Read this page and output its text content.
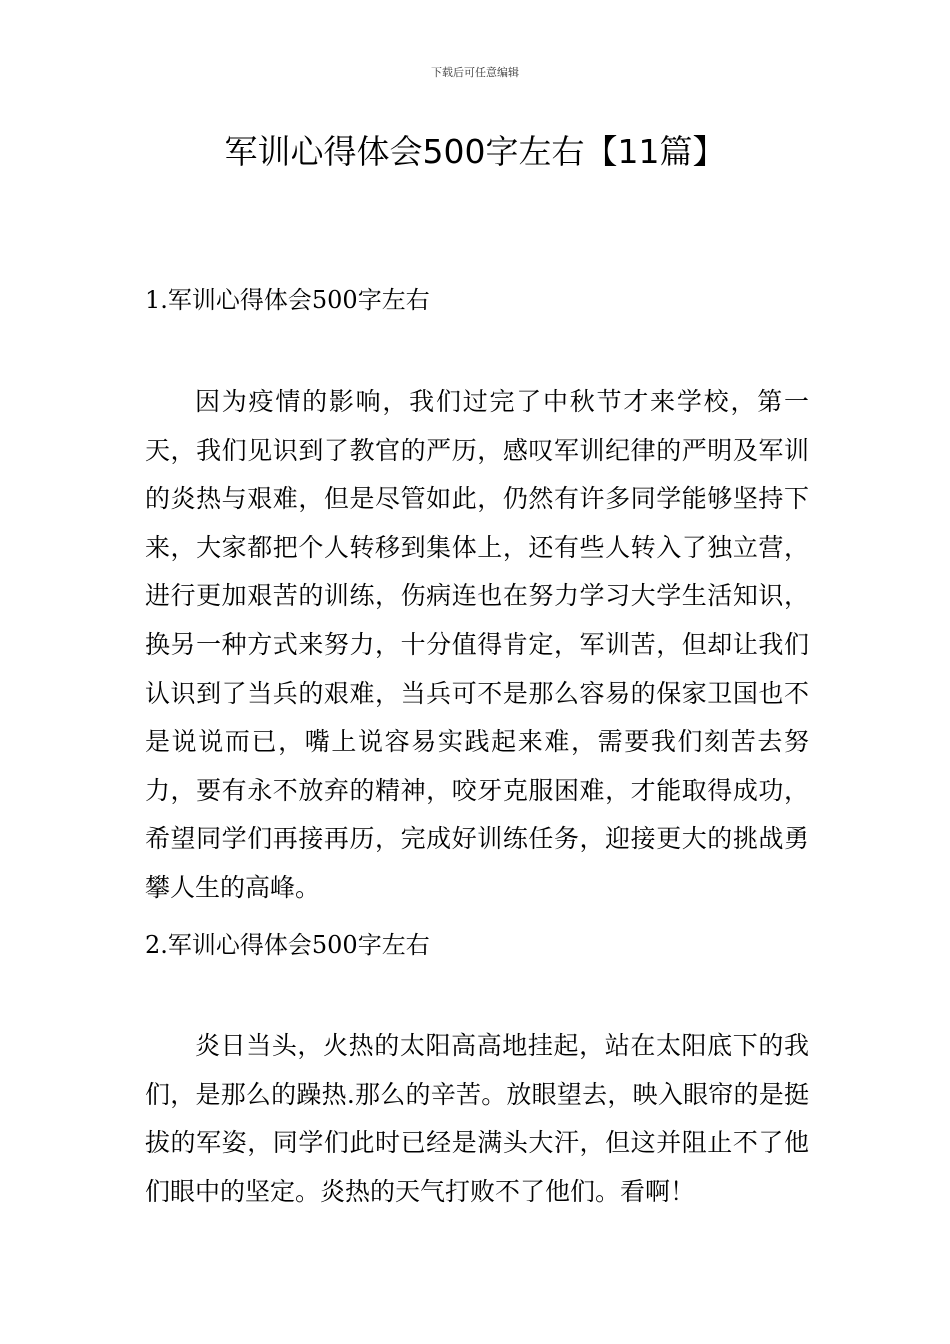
下载后可任意编辑
军训心得体会500字左右【11篇】
1.军训心得体会500字左右

因为疫情的影响，我们过完了中秋节才来学校，第一天，我们见识到了教官的严历，感叹军训纪律的严明及军训的炎热与艰难，但是尽管如此，仍然有许多同学能够坚持下来，大家都把个人转移到集体上，还有些人转入了独立营，进行更加艰苦的训练，伤病连也在努力学习大学生活知识，换另一种方式来努力，十分值得肯定，军训苦，但却让我们认识到了当兵的艰难，当兵可不是那么容易的保家卫国也不是说说而已，嘴上说容易实践起来难，需要我们刻苦去努力，要有永不放弃的精神，咬牙克服困难，才能取得成功，希望同学们再接再历，完成好训练任务，迎接更大的挑战勇攀人生的高峰。

2.军训心得体会500字左右

炎日当头，火热的太阳高高地挂起，站在太阳底下的我们，是那么的躁热.那么的辛苦。放眼望去，映入眼帘的是挺拔的军姿，同学们此时已经是满头大汗，但这并阻止不了他们眼中的坚定。炎热的天气打败不了他们。看啊！
